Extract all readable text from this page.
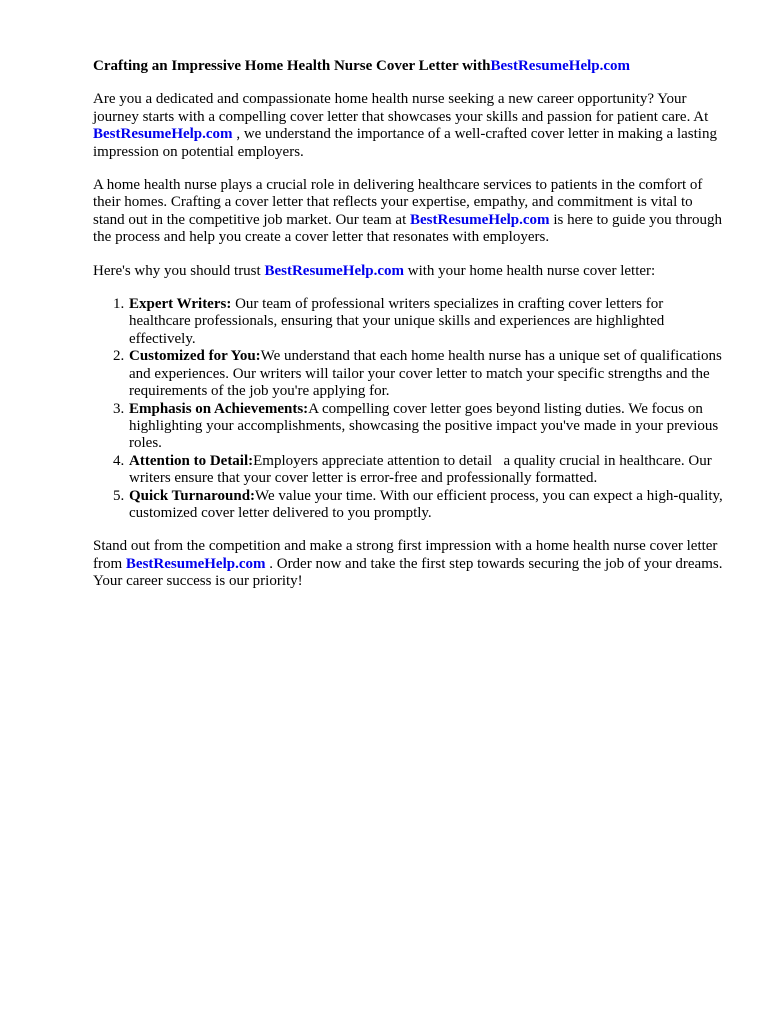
Crafting an Impressive Home Health Nurse Cover Letter withBestResumeHelp.com

Are you a dedicated and compassionate home health nurse seeking a new career opportunity? Your journey starts with a compelling cover letter that showcases your skills and passion for patient care. At BestResumeHelp.com , we understand the importance of a well-crafted cover letter in making a lasting impression on potential employers.

A home health nurse plays a crucial role in delivering healthcare services to patients in the comfort of their homes. Crafting a cover letter that reflects your expertise, empathy, and commitment is vital to stand out in the competitive job market. Our team at BestResumeHelp.com is here to guide you through the process and help you create a cover letter that resonates with employers.

Here's why you should trust BestResumeHelp.com with your home health nurse cover letter:

1. Expert Writers: Our team of professional writers specializes in crafting cover letters for healthcare professionals, ensuring that your unique skills and experiences are highlighted effectively.
2. Customized for You:We understand that each home health nurse has a unique set of qualifications and experiences. Our writers will tailor your cover letter to match your specific strengths and the requirements of the job you're applying for.
3. Emphasis on Achievements:A compelling cover letter goes beyond listing duties. We focus on highlighting your accomplishments, showcasing the positive impact you've made in your previous roles.
4. Attention to Detail:Employers appreciate attention to detail   a quality crucial in healthcare. Our writers ensure that your cover letter is error-free and professionally formatted.
5. Quick Turnaround:We value your time. With our efficient process, you can expect a high-quality, customized cover letter delivered to you promptly.

Stand out from the competition and make a strong first impression with a home health nurse cover letter from BestResumeHelp.com . Order now and take the first step towards securing the job of your dreams. Your career success is our priority!
